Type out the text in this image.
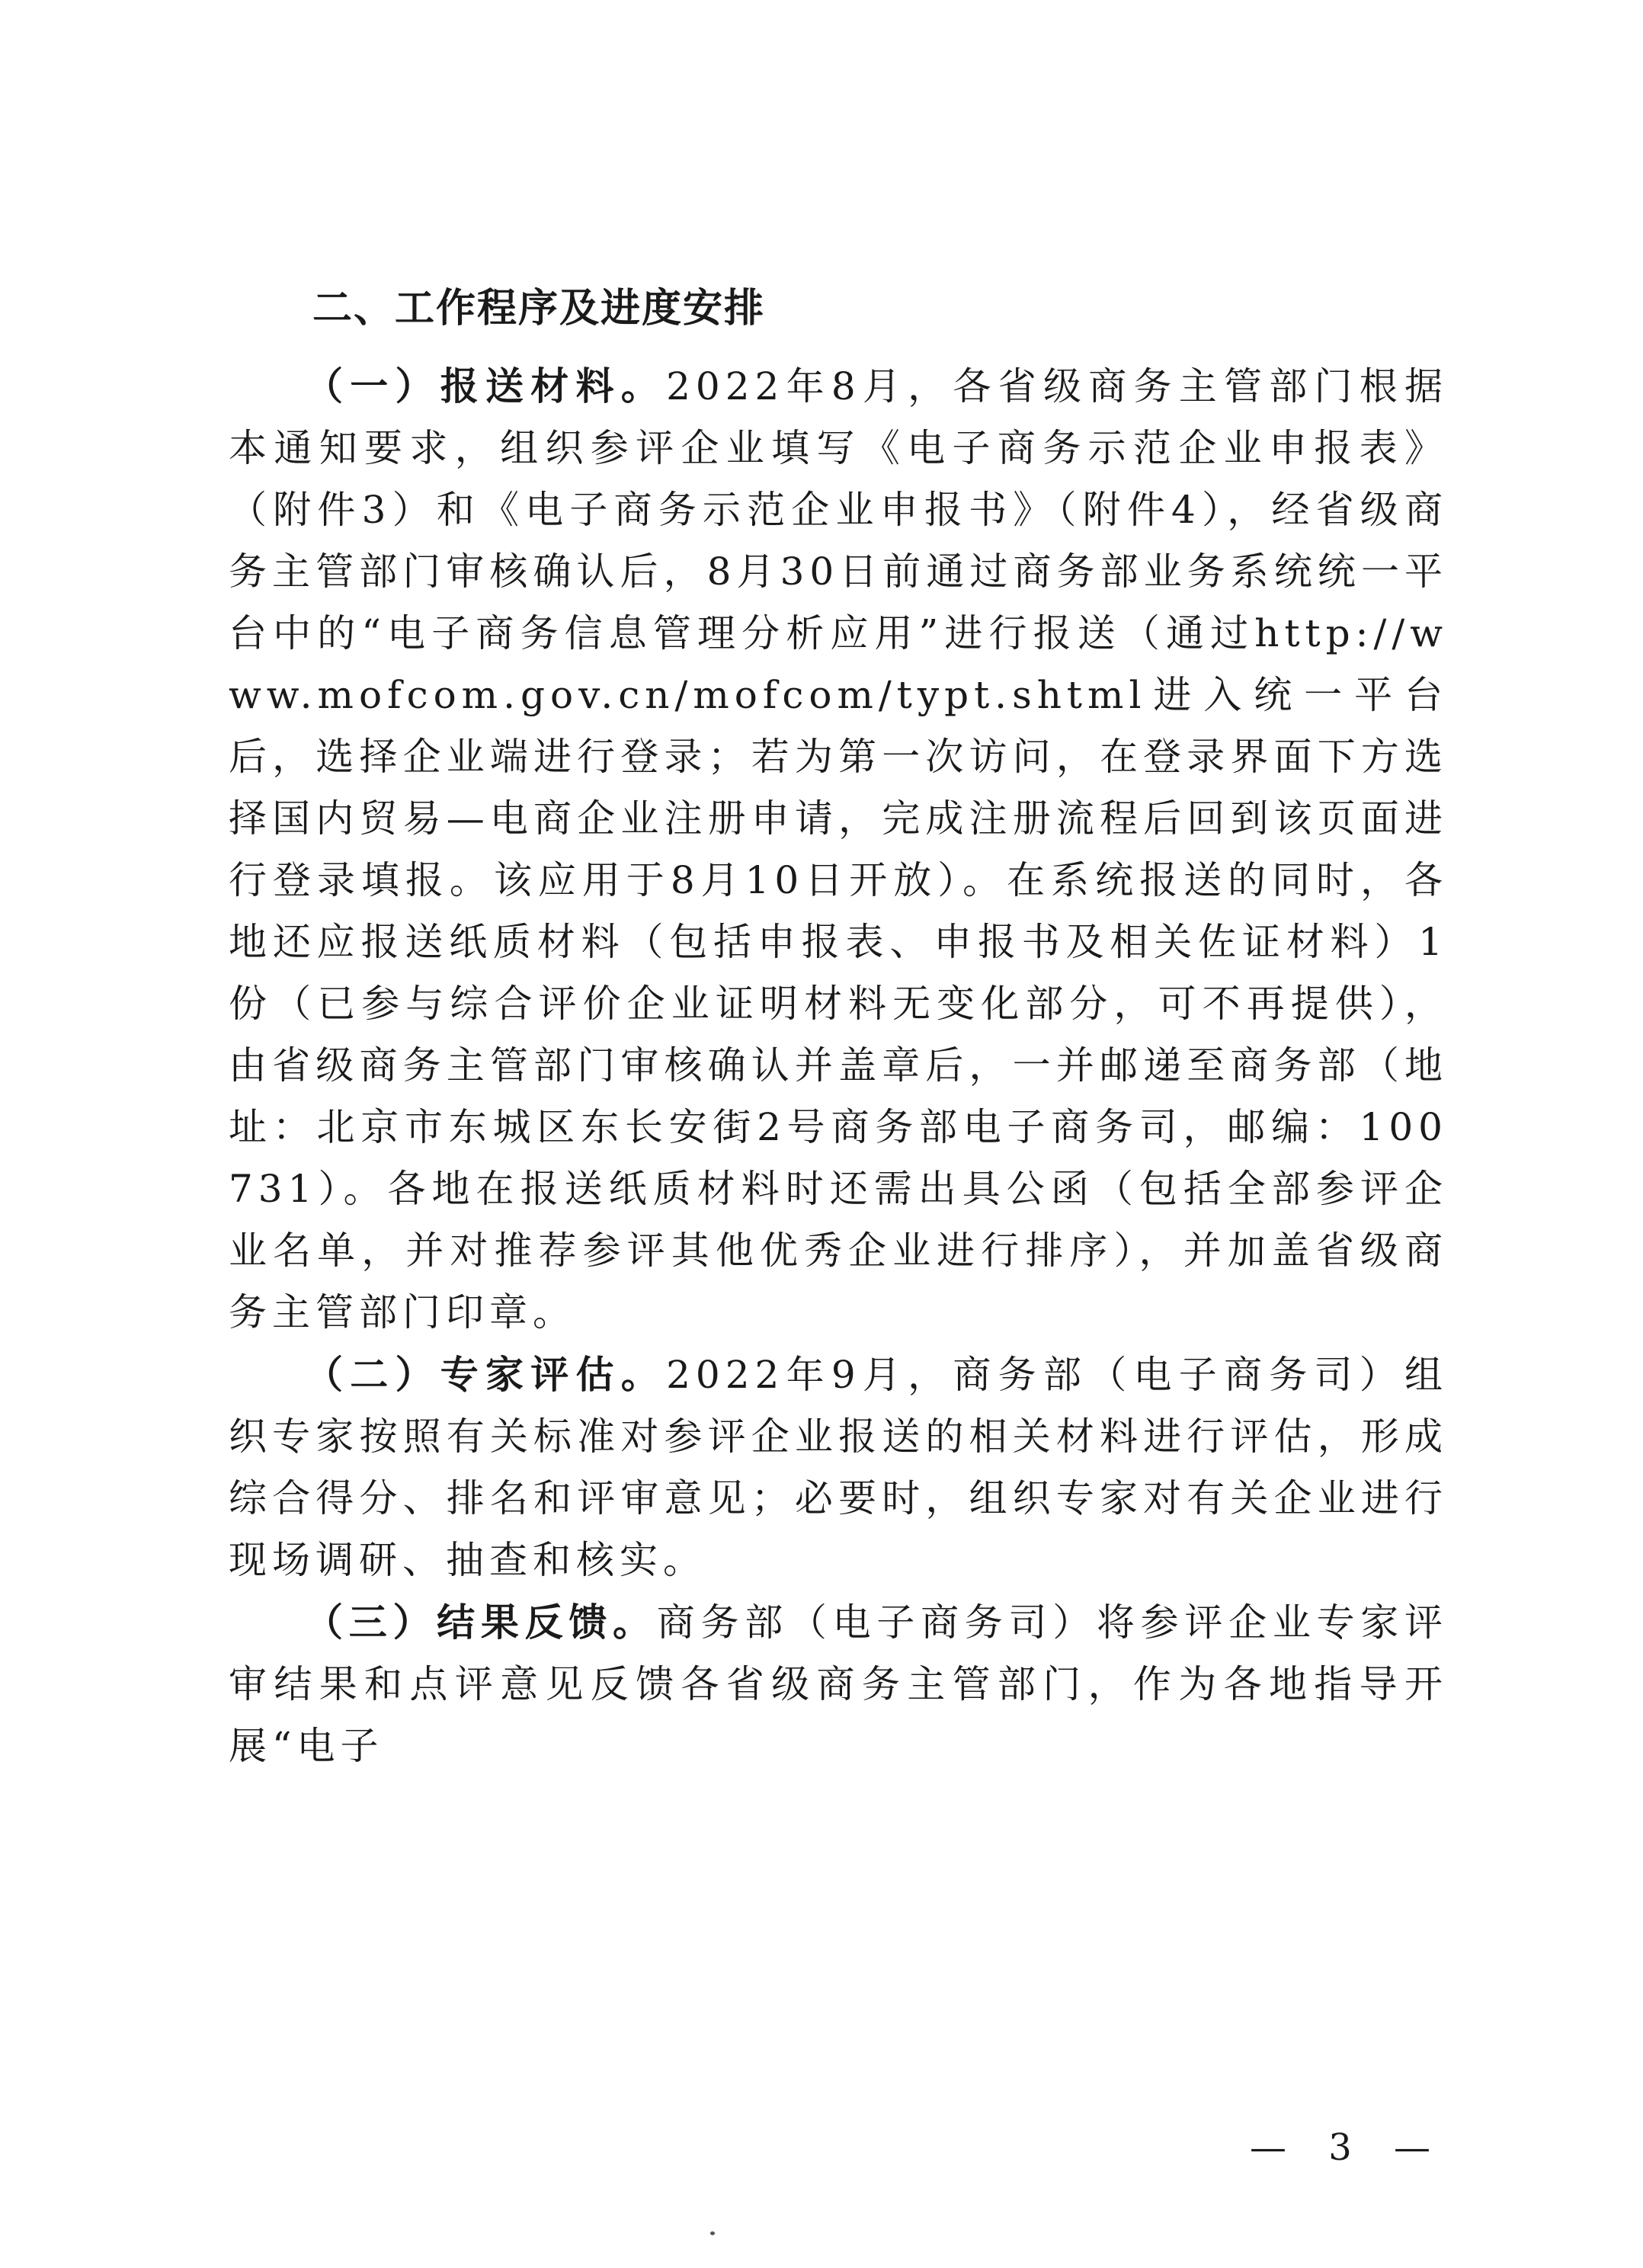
二、工作程序及进度安排

（一）报送材料。2022年8月，各省级商务主管部门根据本通知要求，组织参评企业填写《电子商务示范企业申报表》（附件3）和《电子商务示范企业申报书》（附件4），经省级商务主管部门审核确认后，8月30日前通过商务部业务系统统一平台中的“电子商务信息管理分析应用”进行报送（通过http://www.mofcom.gov.cn/mofcom/typt.shtml进入统一平台后，选择企业端进行登录；若为第一次访问，在登录界面下方选择国内贸易—电商企业注册申请，完成注册流程后回到该页面进行登录填报。该应用于8月10日开放）。在系统报送的同时，各地还应报送纸质材料（包括申报表、申报书及相关佐证材料）1份（已参与综合评价企业证明材料无变化部分，可不再提供），由省级商务主管部门审核确认并盖章后，一并邮递至商务部（地址：北京市东城区东长安街2号商务部电子商务司，邮编：100731）。各地在报送纸质材料时还需出具公函（包括全部参评企业名单，并对推荐参评其他优秀企业进行排序），并加盖省级商务主管部门印章。

（二）专家评估。2022年9月，商务部（电子商务司）组织专家按照有关标准对参评企业报送的相关材料进行评估，形成综合得分、排名和评审意见；必要时，组织专家对有关企业进行现场调研、抽查和核实。

（三）结果反馈。商务部（电子商务司）将参评企业专家评审结果和点评意见反馈各省级商务主管部门，作为各地指导开展“电子

— 3 —
